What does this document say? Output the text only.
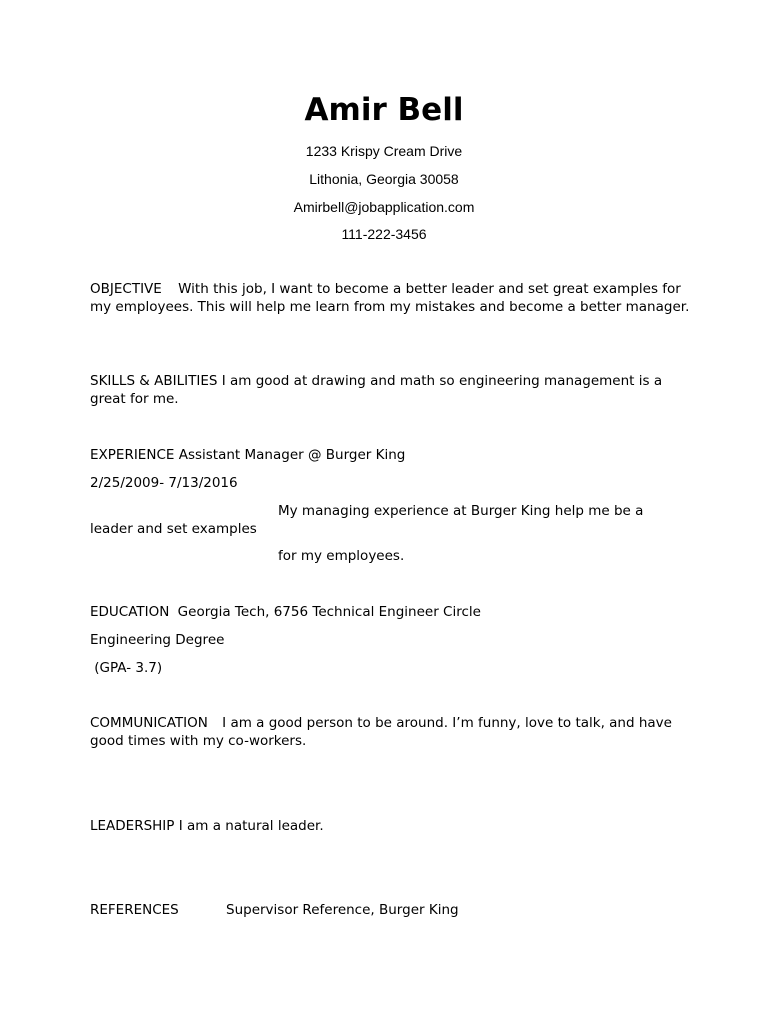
Amir Bell
1233 Krispy Cream Drive
Lithonia, Georgia 30058
Amirbell@jobapplication.com
111-222-3456
OBJECTIVE With this job, I want to become a better leader and set great examples for my employees. This will help me learn from my mistakes and become a better manager.
SKILLS & ABILITIES I am good at drawing and math so engineering management is a great for me.
EXPERIENCE Assistant Manager @ Burger King
2/25/2009- 7/13/2016
My managing experience at Burger King help me be a
leader and set examples
for my employees.
EDUCATION Georgia Tech, 6756 Technical Engineer Circle
Engineering Degree
(GPA- 3.7)
COMMUNICATION I am a good person to be around. I’m funny, love to talk, and have good times with my co-workers.
LEADERSHIP I am a natural leader.
REFERENCES	Supervisor Reference, Burger King
